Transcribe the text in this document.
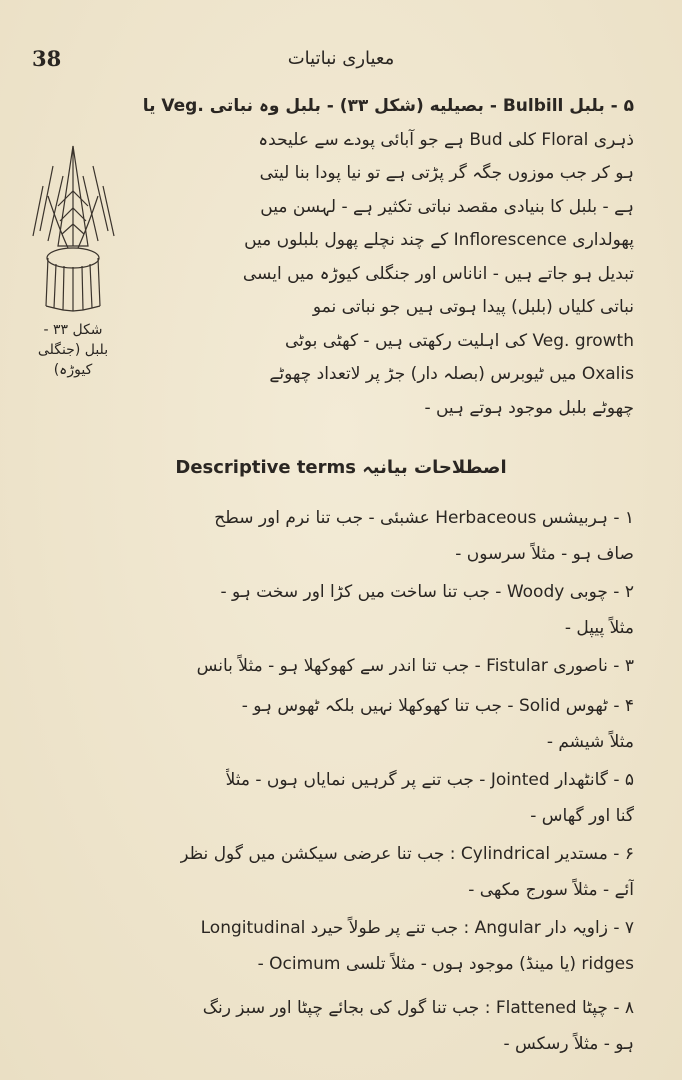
38	معیاری نباتیات
۵ - بلبل Bulbill - بصیلیه (شکل ۳۳) - بلبل وہ نباتی .Veg یا
ذہری Floral کلی Bud ہے جو آبائی پودے سے علیحدہ
ہو کر جب موزوں جگہ گر پڑتی ہے تو نیا پودا بنا لیتی
ہے - بلبل کا بنیادی مقصد نباتی تکثیر ہے - لہسن میں
پھولداری Inflorescence کے چند نچلے پھول بلبلوں میں
تبدیل ہو جاتے ہیں - اناناس اور جنگلی کیوڑہ میں ایسی
نباتی کلیاں (بلبل) پیدا ہوتی ہیں جو نباتی نمو
Veg. growth کی اہلیت رکھتی ہیں - کھٹی بوٹی
Oxalis میں ٹیوبرس (بصلہ دار) جڑ پر لاتعداد چھوٹے
چھوٹے بلبل موجود ہوتے ہیں -
شکل ۳۳ -
بلبل (جنگلی
کیوڑہ)
اصطلاحات بیانیہ Descriptive terms
۱ - ہربیشس Herbaceous عشبئی - جب تنا نرم اور سطح
صاف ہو - مثلاً سرسوں -
۲ - چوبی Woody - جب تنا ساخت میں کڑا اور سخت ہو -
مثلاً پیپل -
۳ - ناصوری Fistular - جب تنا اندر سے کھوکھلا ہو - مثلاً بانس
۴ - ٹھوس Solid - جب تنا کھوکھلا نہیں بلکہ ٹھوس ہو -
مثلاً شیشم -
۵ - گانٹھدار Jointed - جب تنے پر گرہیں نمایاں ہوں - مثلاً
گنا اور گھاس -
۶ - مستدیر Cylindrical : جب تنا عرضی سیکشن میں گول نظر
آئے - مثلاً سورج مکھی -
۷ - زاویہ دار Angular : جب تنے پر طولاً حیرد Longitudinal
ridges (یا مینڈ) موجود ہوں - مثلاً تلسی Ocimum -
۸ - چپٹا Flattened : جب تنا گول کی بجائے چپٹا اور سبز رنگ
ہو - مثلاً رسکس -
